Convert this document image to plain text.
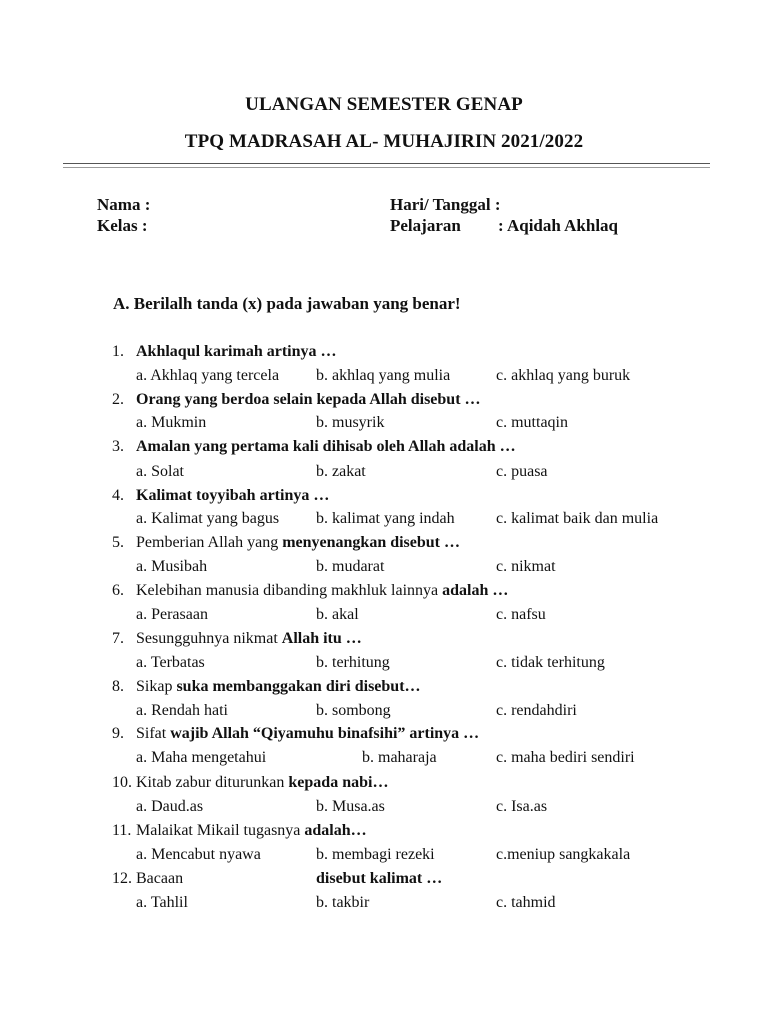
ULANGAN SEMESTER GENAP
TPQ MADRASAH AL- MUHAJIRIN 2021/2022
Nama :
Kelas :
Hari/ Tanggal :
Pelajaran : Aqidah Akhlaq
A. Berilalh tanda (x) pada jawaban yang benar!
1. Akhlaqul karimah artinya …
a. Akhlaq yang tercela b. akhlaq yang mulia	c. akhlaq yang buruk
2. Orang yang berdoa selain kepada Allah disebut …
a. Mukmin	b. musyrik	c. muttaqin
3. Amalan yang pertama kali dihisab oleh Allah adalah …
a. Solat	b. zakat	c. puasa
4. Kalimat toyyibah artinya …
a. Kalimat yang bagus b. kalimat yang indah	c. kalimat baik dan mulia
5. Pemberian Allah yang menyenangkan disebut …
a. Musibah	b. mudarat	c. nikmat
6. Kelebihan manusia dibanding makhluk lainnya adalah …
a. Perasaan	b. akal	c. nafsu
7. Sesungguhnya nikmat Allah itu …
a. Terbatas	b. terhitung	c. tidak terhitung
8. Sikap suka membanggakan diri disebut…
a. Rendah hati	b. sombong	c. rendahdiri
9. Sifat wajib Allah “Qiyamuhu binafsihi” artinya …
a. Maha mengetahui	b. maharaja	c. maha bediri sendiri
10. Kitab zabur diturunkan kepada nabi…
a. Daud.as	b. Musa.as	c. Isa.as
11. Malaikat Mikail tugasnya adalah…
a. Mencabut nyawa	b. membagi rezeki	c.meniup sangkakala
12. Bacaan	disebut kalimat …
a. Tahlil	b. takbir	c. tahmid
